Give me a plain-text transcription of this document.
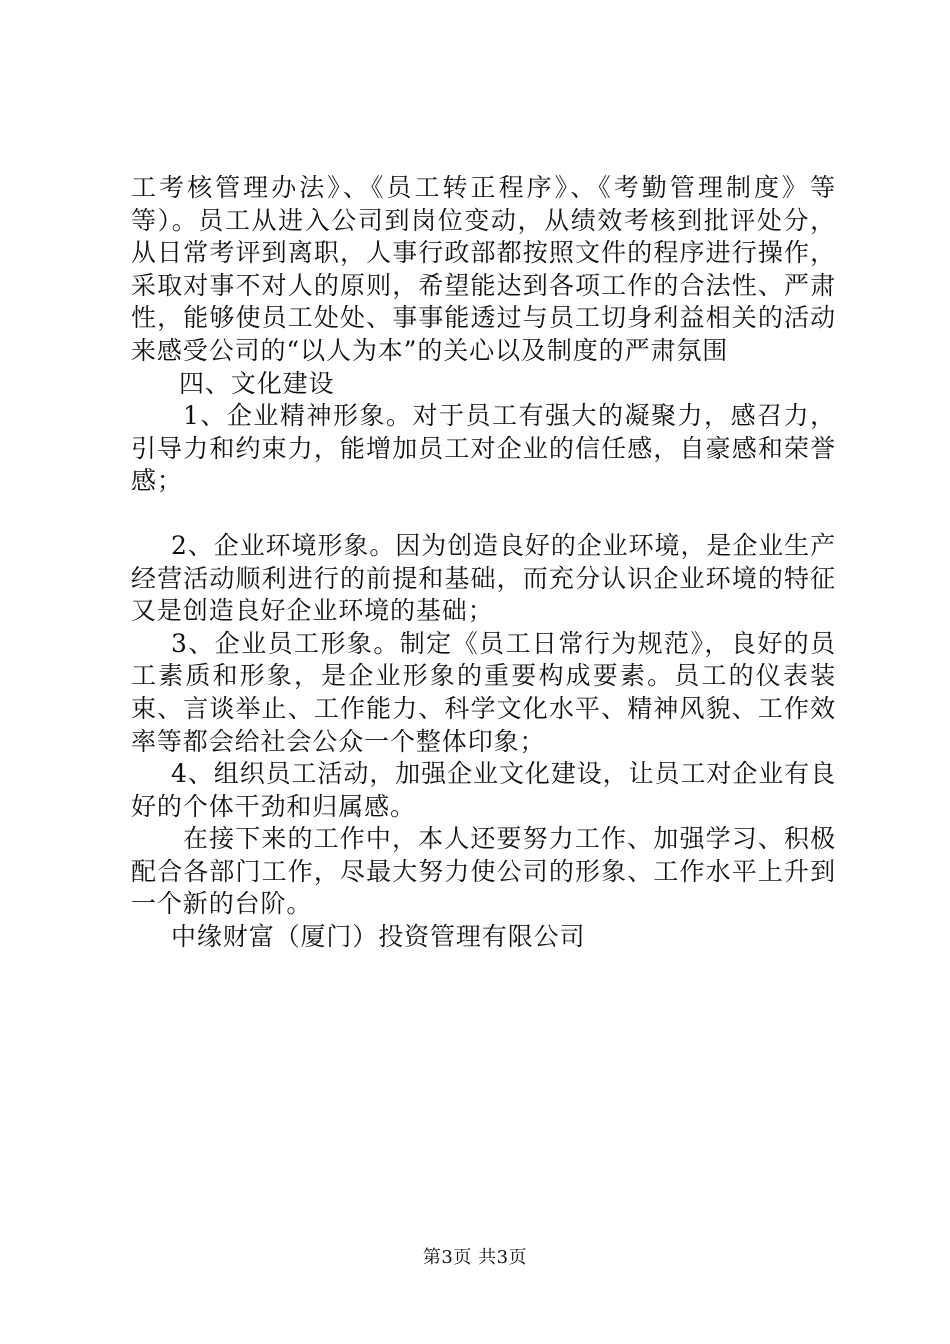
工考核管理办法》、《员工转正程序》、《考勤管理制度》等等）。员工从进入公司到岗位变动，从绩效考核到批评处分，从日常考评到离职，人事行政部都按照文件的程序进行操作，采取对事不对人的原则，希望能达到各项工作的合法性、严肃性，能够使员工处处、事事能透过与员工切身利益相关的活动来感受公司的“以人为本”的关心以及制度的严肃氛围

四、文化建设

1、企业精神形象。对于员工有强大的凝聚力，感召力，引导力和约束力，能增加员工对企业的信任感，自豪感和荣誉感；

2、企业环境形象。因为创造良好的企业环境，是企业生产经营活动顺利进行的前提和基础，而充分认识企业环境的特征又是创造良好企业环境的基础；

3、企业员工形象。制定《员工日常行为规范》，良好的员工素质和形象，是企业形象的重要构成要素。员工的仪表装束、言谈举止、工作能力、科学文化水平、精神风貌、工作效率等都会给社会公众一个整体印象；

4、组织员工活动，加强企业文化建设，让员工对企业有良好的个体干劲和归属感。

在接下来的工作中，本人还要努力工作、加强学习、积极配合各部门工作，尽最大努力使公司的形象、工作水平上升到一个新的台阶。

中缘财富（厦门）投资管理有限公司

第3页 共3页
